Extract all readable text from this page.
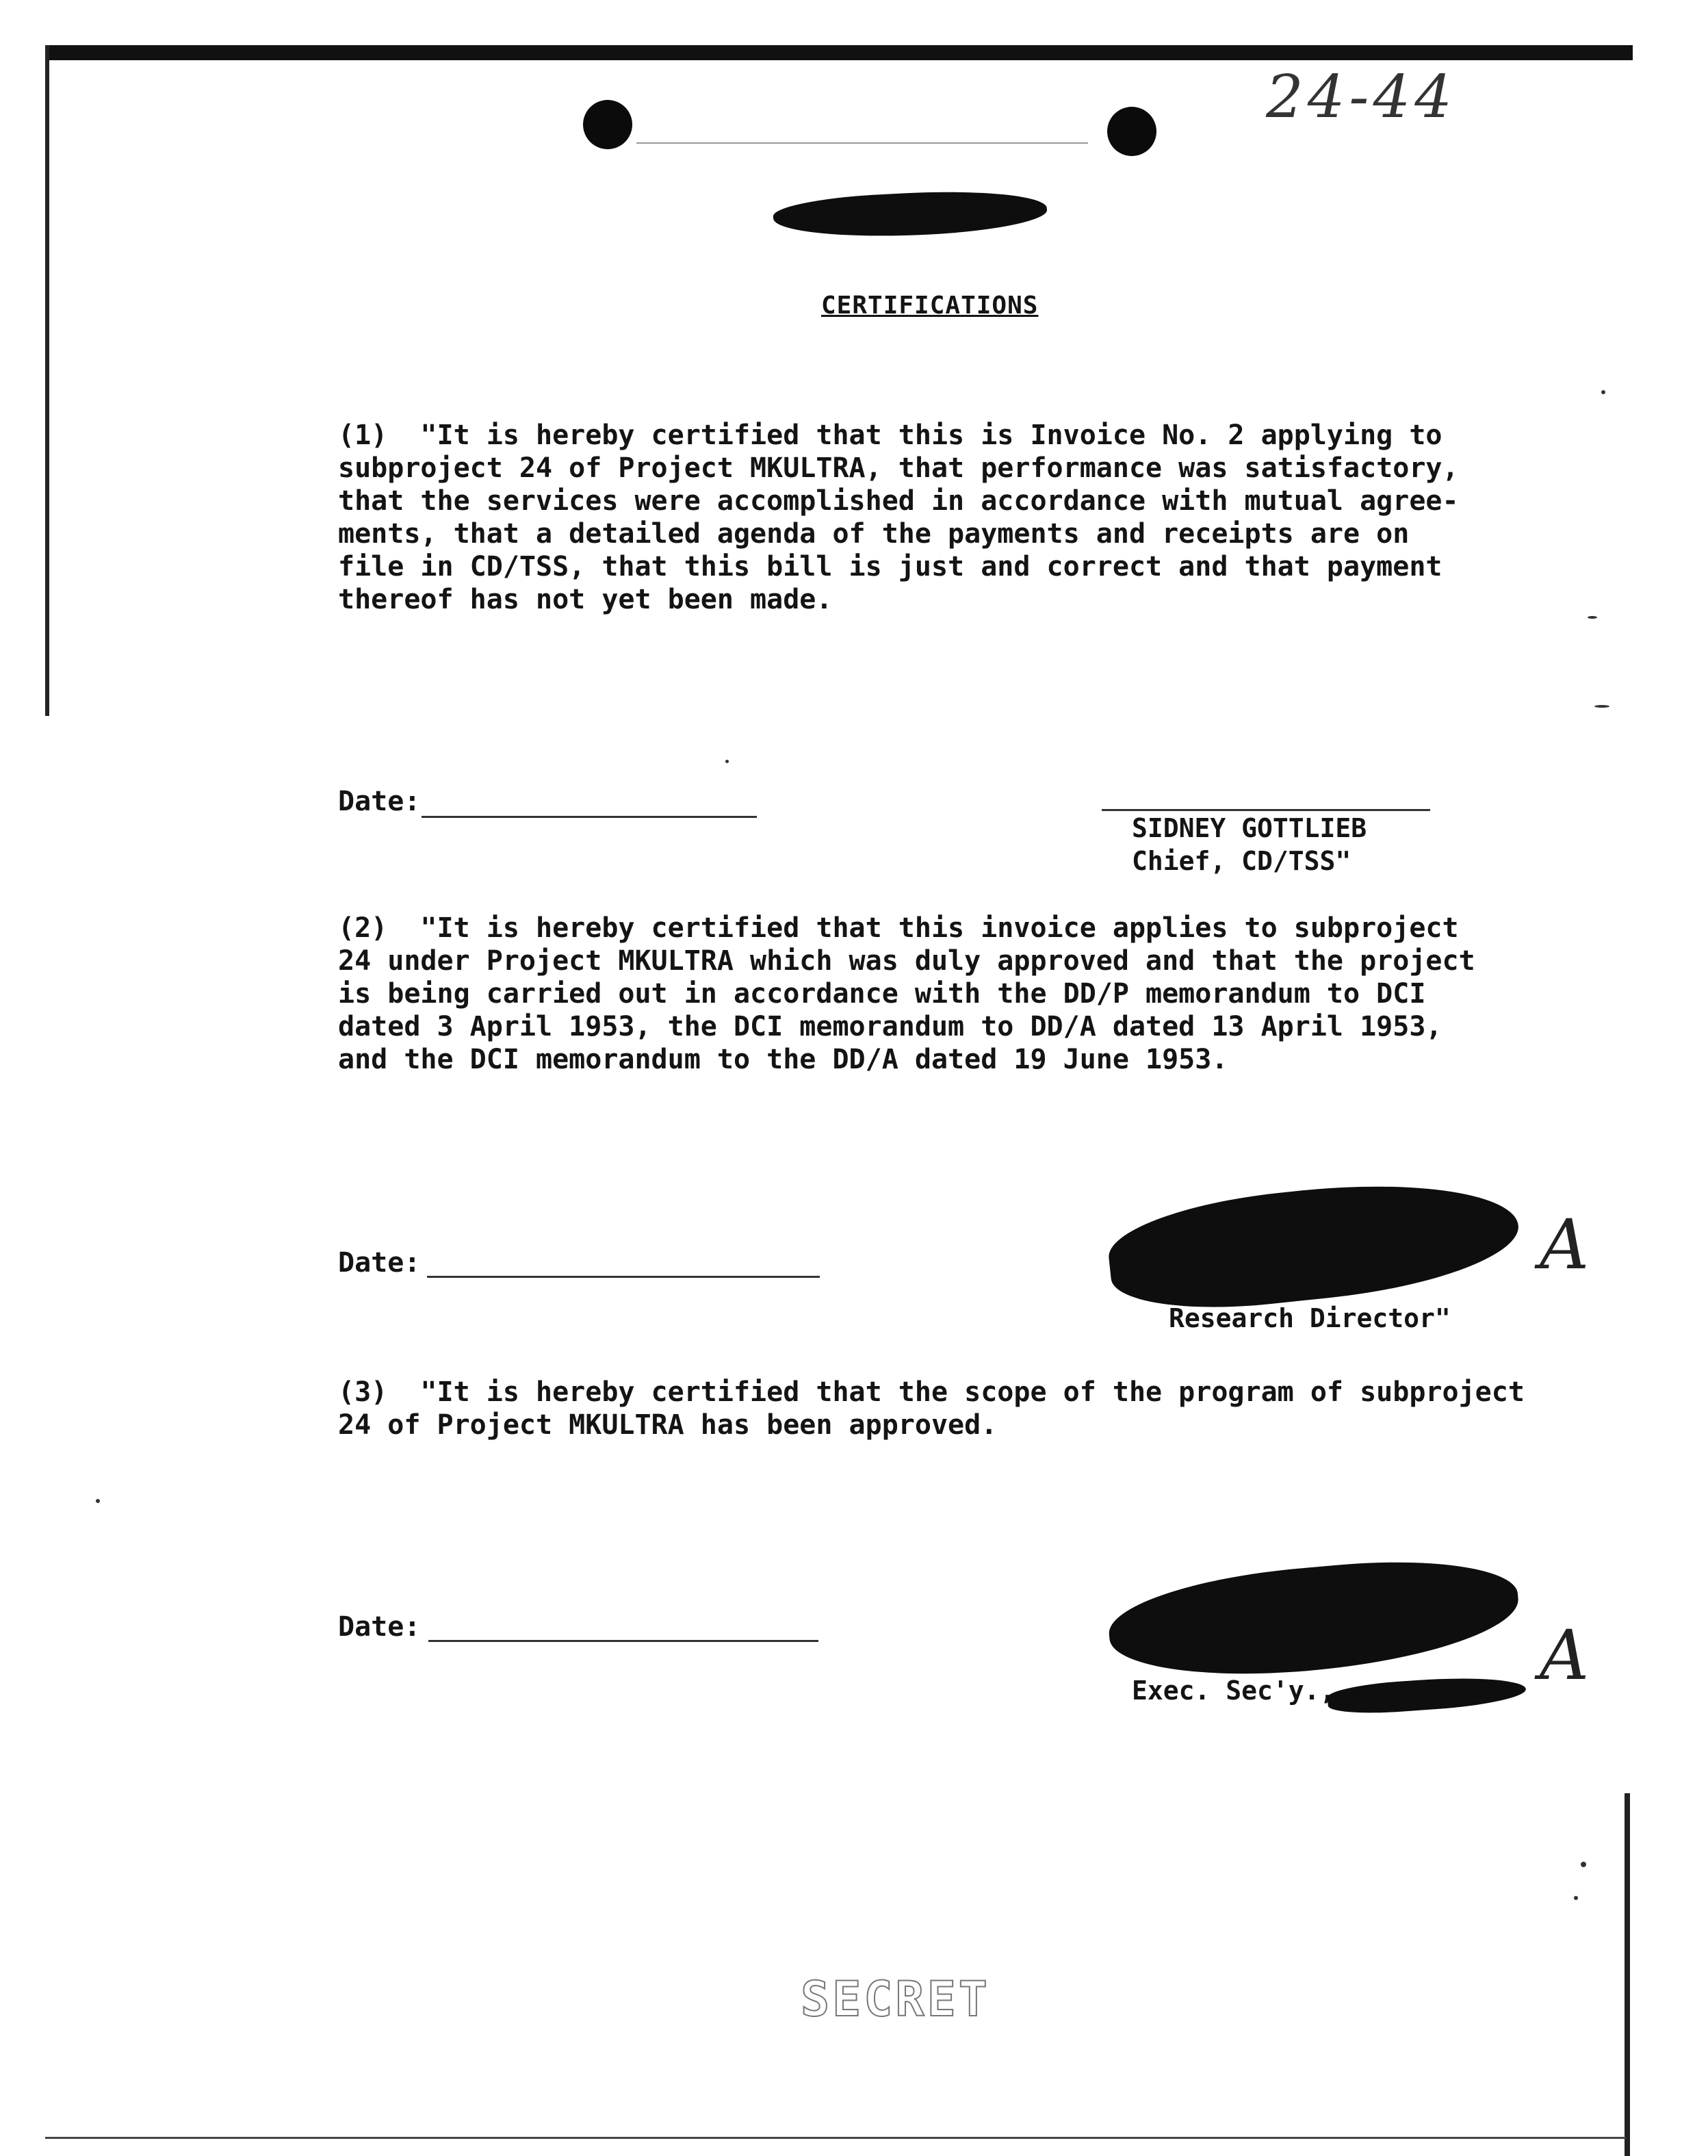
24-44
CERTIFICATIONS
(1)  "It is hereby certified that this is Invoice No. 2 applying to
subproject 24 of Project MKULTRA, that performance was satisfactory,
that the services were accomplished in accordance with mutual agree-
ments, that a detailed agenda of the payments and receipts are on
file in CD/TSS, that this bill is just and correct and that payment
thereof has not yet been made.
Date:
SIDNEY GOTTLIEB
Chief, CD/TSS"
(2)  "It is hereby certified that this invoice applies to subproject
24 under Project MKULTRA which was duly approved and that the project
is being carried out in accordance with the DD/P memorandum to DCI
dated 3 April 1953, the DCI memorandum to DD/A dated 13 April 1953,
and the DCI memorandum to the DD/A dated 19 June 1953.
Date:
Research Director"
A
(3)  "It is hereby certified that the scope of the program of subproject
24 of Project MKULTRA has been approved.
Date:
Exec. Sec'y.,	A
SECRET
